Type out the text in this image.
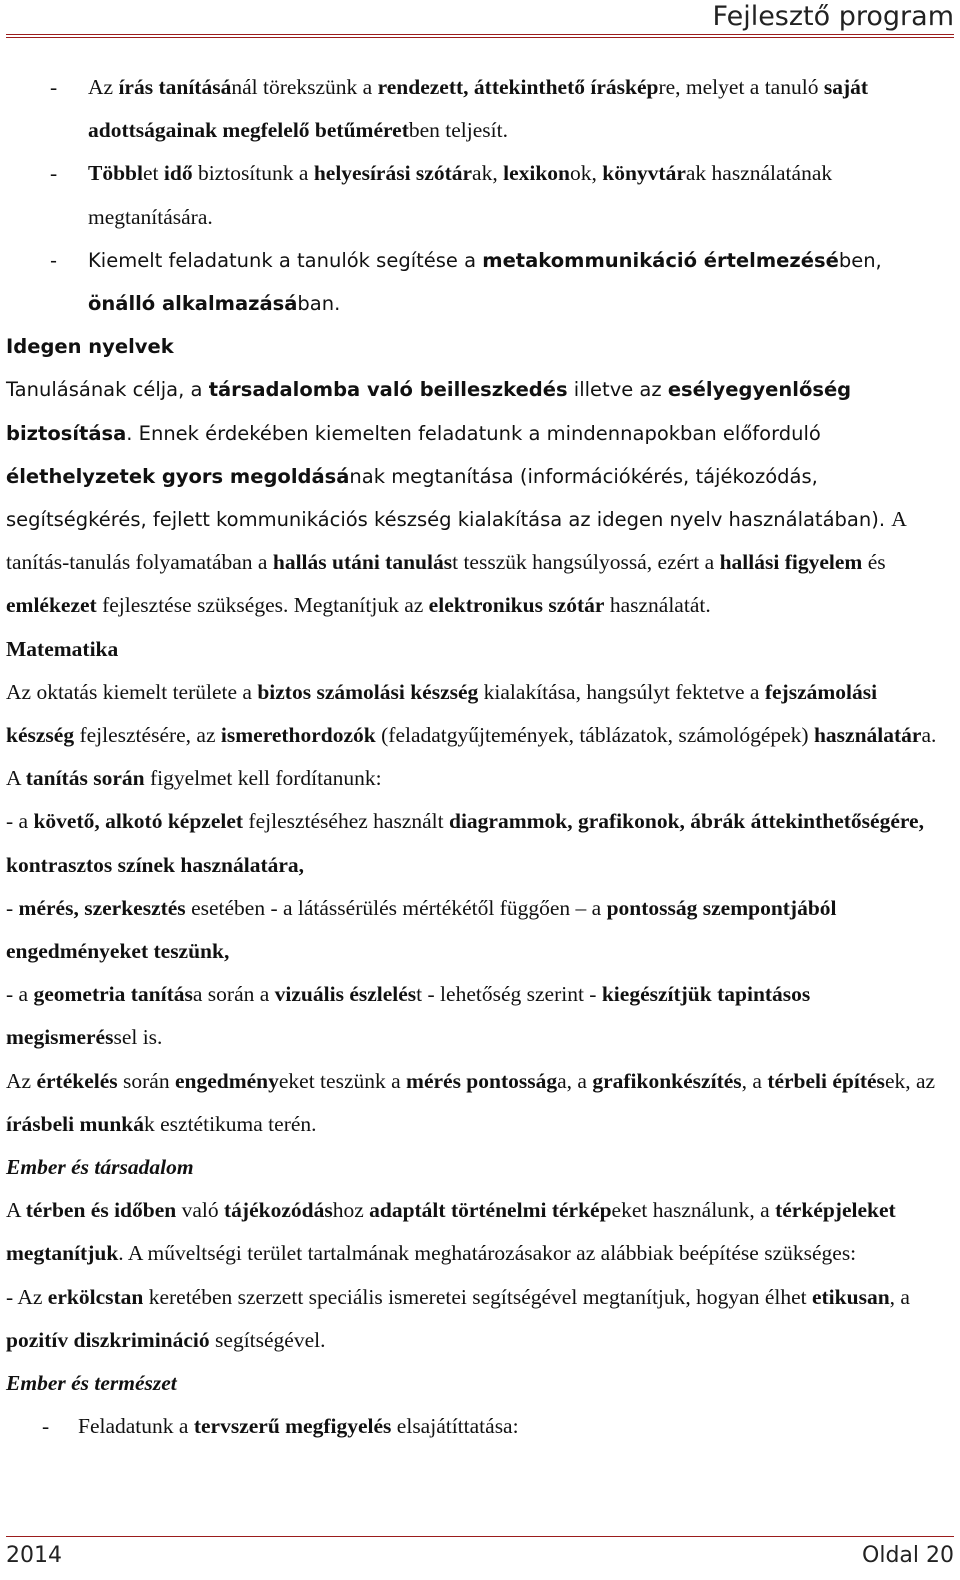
Fejlesztő program
- Az írás tanításánál törekszünk a rendezett, áttekinthető írásképre, melyet a tanuló saját adottságainak megfelelő betűméretben teljesít.
- Többlet idő biztosítunk a helyesírási szótárak, lexikonok, könyvtárak használatának megtanítására.
- Kiemelt feladatunk a tanulók segítése a metakommunikáció értelmezésében, önálló alkalmazásában.
Idegen nyelvek
Tanulásának célja, a társadalomba való beilleszkedés illetve az esélyegyenlőség biztosítása. Ennek érdekében kiemelten feladatunk a mindennapokban előforduló élethelyzetek gyors megoldásának megtanítása (információkérés, tájékozódás, segítségkérés, fejlett kommunikációs készség kialakítása az idegen nyelv használatában). A tanítás-tanulás folyamatában a hallás utáni tanulást tesszük hangsúlyossá, ezért a hallási figyelem és emlékezet fejlesztése szükséges. Megtanítjuk az elektronikus szótár használatát.
Matematika
Az oktatás kiemelt területe a biztos számolási készség kialakítása, hangsúlyt fektetve a fejszámolási készség fejlesztésére, az ismerethordozók (feladatgyűjtemények, táblázatok, számológépek) használatára.
A tanítás során figyelmet kell fordítanunk:
- a követő, alkotó képzelet fejlesztéséhez használt diagrammok, grafikonok, ábrák áttekinthetőségére, kontrasztos színek használatára,
- mérés, szerkesztés esetében - a látássérülés mértékétől függően – a pontosság szempontjából engedményeket teszünk,
- a geometria tanítása során a vizuális észlelést - lehetőség szerint - kiegészítjük tapintásos megismeréssel is.
Az értékelés során engedményeket teszünk a mérés pontossága, a grafikonkészítés, a térbeli építések, az írásbeli munkák esztétikuma terén.
Ember és társadalom
A térben és időben való tájékozódáshoz adaptált történelmi térképeket használunk, a térképjeleket megtanítjuk. A műveltségi terület tartalmának meghatározásakor az alábbiak beépítése szükséges:
- Az erkölcstan keretében szerzett speciális ismeretei segítségével megtanítjuk, hogyan élhet etikusan, a pozitív diszkrimináció segítségével.
Ember és természet
- Feladatunk a tervszerű megfigyelés elsajátíttatása:
2014	Oldal 20
